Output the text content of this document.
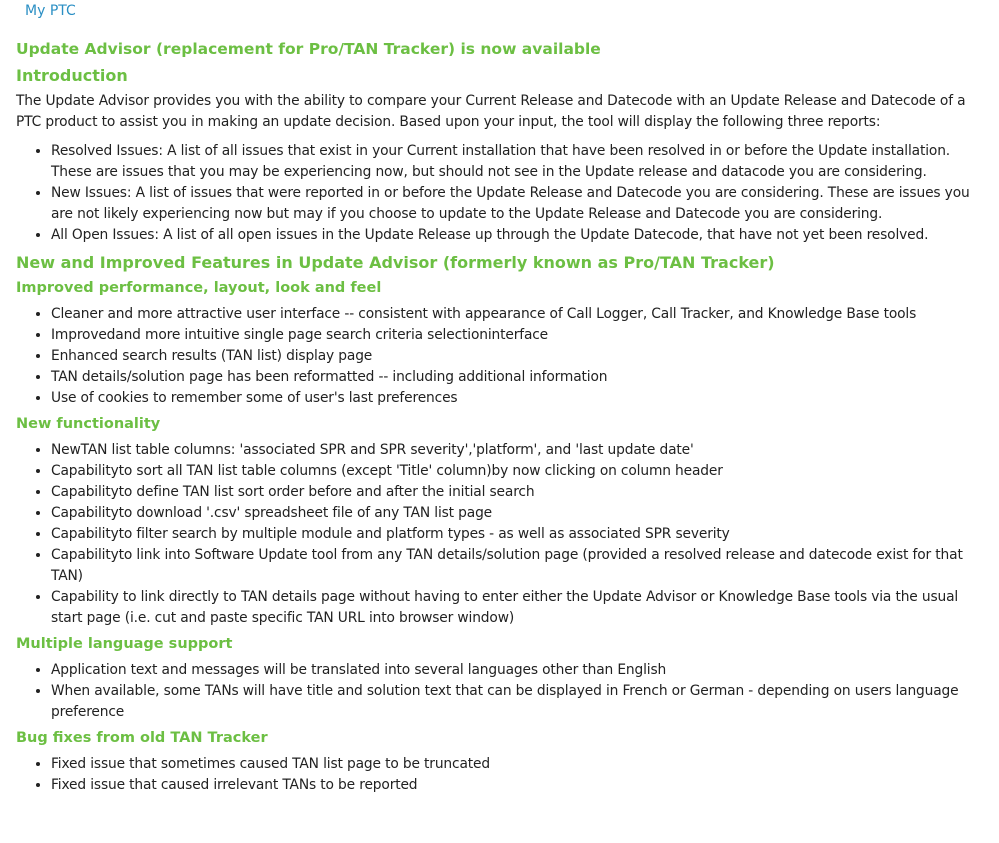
My PTC
Update Advisor (replacement for Pro/TAN Tracker) is now available
Introduction

The Update Advisor provides you with the ability to compare your Current Release and Datecode with an Update Release and Datecode of a PTC product to assist you in making an update decision. Based upon your input, the tool will display the following three reports:

• Resolved Issues: A list of all issues that exist in your Current installation that have been resolved in or before the Update installation. These are issues that you may be experiencing now, but should not see in the Update release and datacode you are considering.
• New Issues: A list of issues that were reported in or before the Update Release and Datecode you are considering. These are issues you are not likely experiencing now but may if you choose to update to the Update Release and Datecode you are considering.
• All Open Issues: A list of all open issues in the Update Release up through the Update Datecode, that have not yet been resolved.
New and Improved Features in Update Advisor (formerly known as Pro/TAN Tracker)
Improved performance, layout, look and feel
• Cleaner and more attractive user interface -- consistent with appearance of Call Logger, Call Tracker, and Knowledge Base tools
• Improvedand more intuitive single page search criteria selectioninterface
• Enhanced search results (TAN list) display page
• TAN details/solution page has been reformatted -- including additional information
• Use of cookies to remember some of user's last preferences
New functionality
• NewTAN list table columns: 'associated SPR and SPR severity','platform', and 'last update date'
• Capabilityto sort all TAN list table columns (except 'Title' column)by now clicking on column header
• Capabilityto define TAN list sort order before and after the initial search
• Capabilityto download '.csv' spreadsheet file of any TAN list page
• Capabilityto filter search by multiple module and platform types - as well as associated SPR severity
• Capabilityto link into Software Update tool from any TAN details/solution page (provided a resolved release and datecode exist for that TAN)
• Capability to link directly to TAN details page without having to enter either the Update Advisor or Knowledge Base tools via the usual start page (i.e. cut and paste specific TAN URL into browser window)
Multiple language support
• Application text and messages will be translated into several languages other than English
• When available, some TANs will have title and solution text that can be displayed in French or German - depending on users language preference
Bug fixes from old TAN Tracker
• Fixed issue that sometimes caused TAN list page to be truncated
• Fixed issue that caused irrelevant TANs to be reported
